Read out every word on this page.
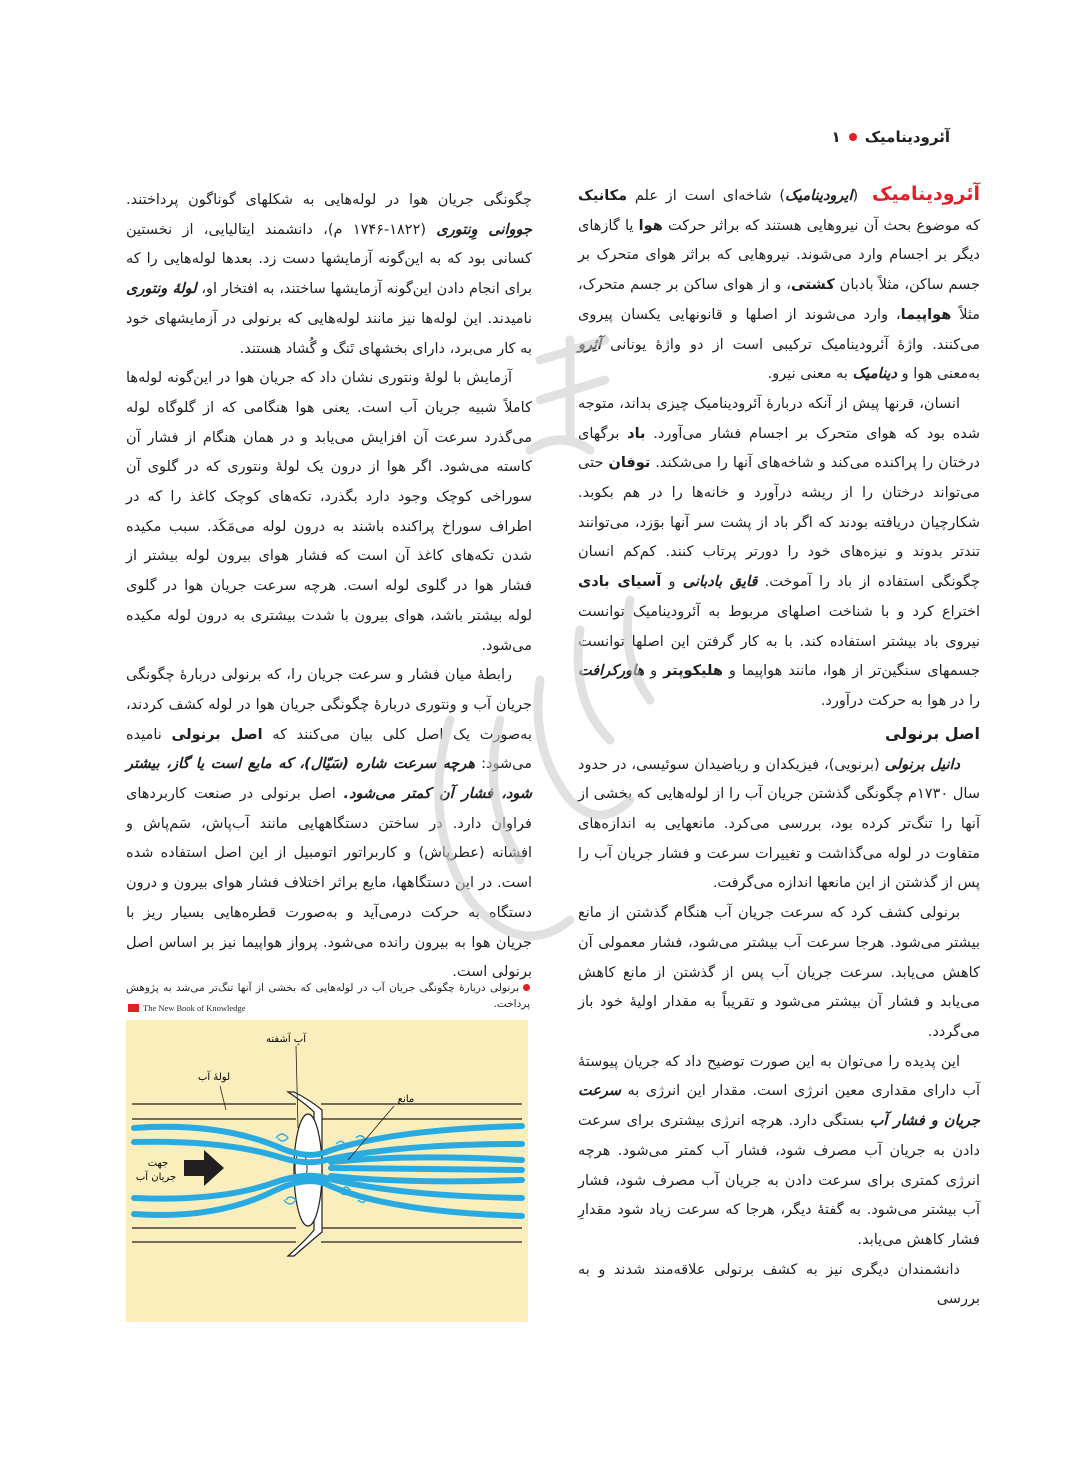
آئرودینامیک
۱

آئرودینامیک (ایرودینامیک) شاخه‌ای است از علم مکانیک که موضوع بحث آن نیروهایی هستند که براثر حرکت هوا یا گازهای دیگر بر اجسام وارد می‌شوند. نیروهایی که براثر هوای متحرک بر جسم ساکن، مثلاً بادبان کشتی، و از هوای ساکن بر جسم متحرک، مثلاً هواپیما، وارد می‌شوند از اصلها و قانونهایی یکسان پیروی می‌کنند. واژهٔ آئرودینامیک ترکیبی است از دو واژهٔ یونانی آئِرو به‌معنی هوا و دینامیک به معنی نیرو.

انسان، قرنها پیش از آنکه دربارهٔ آئرودینامیک چیزی بداند، متوجه شده بود که هوای متحرک بر اجسام فشار می‌آورد. باد برگهای درختان را پراکنده می‌کند و شاخه‌های آنها را می‌شکند. توفان حتی می‌تواند درختان را از ریشه درآورد و خانه‌ها را در هم بکوبد. شکارچیان دریافته بودند که اگر باد از پشت سر آنها بوَزد، می‌توانند تندتر بدوند و نیزه‌های خود را دورتر پرتاب کنند. کم‌کم انسان چگونگی استفاده از باد را آموخت. قایق بادبانی و آسیای بادی اختراع کرد و با شناخت اصلهای مربوط به آئرودینامیک توانست نیروی باد بیشتر استفاده کند. با به کار گرفتن این اصلها توانست جسمهای سنگین‌تر از هوا، مانند هواپیما و هلیکوپتر و هاورکرافت را در هوا به حرکت درآورد.

اصل برنولی

دانیل برنولی (برنویی)، فیزیکدان و ریاضیدان سوئیسی، در حدود سال ۱۷۳۰م چگونگی گذشتن جریان آب را از لوله‌هایی که بخشی از آنها را تنگ‌تر کرده بود، بررسی می‌کرد. مانعهایی به اندازه‌های متفاوت در لوله می‌گذاشت و تغییرات سرعت و فشار جریان آب را پس از گذشتن از این مانعها اندازه می‌گرفت.

برنولی کشف کرد که سرعت جریان آب هنگام گذشتن از مانع بیشتر می‌شود. هرجا سرعت آب بیشتر می‌شود، فشار معمولی آن کاهش می‌یابد. سرعت جریان آب پس از گذشتن از مانع کاهش می‌یابد و فشار آن بیشتر می‌شود و تقریباً به مقدار اولیهٔ خود باز می‌گردد.

این پدیده را می‌توان به این صورت توضیح داد که جریان پیوستهٔ آب دارای مقداری معین انرژی است. مقدار این انرژی به سرعت جریان و فشار آب بستگی دارد. هرچه انرژی بیشتری برای سرعت دادن به جریان آب مصرف شود، فشار آب کمتر می‌شود. هرچه انرژی کمتری برای سرعت دادن به جریان آب مصرف شود، فشار آب بیشتر می‌شود. به گفتهٔ دیگر، هرجا که سرعت زیاد شود مقدارِ فشار کاهش می‌یابد.

دانشمندان دیگری نیز به کشف برنولی علاقه‌مند شدند و به بررسی

چگونگی جریان هوا در لوله‌هایی به شکلهای گوناگون پرداختند. جووانی وِنتوری (۱۸۲۲-۱۷۴۶ م)، دانشمند ایتالیایی، از نخستین کسانی بود که به این‌گونه آزمایشها دست زد. بعدها لوله‌هایی را که برای انجام دادن این‌گونه آزمایشها ساختند، به افتخار او، لولهٔ ونتوری نامیدند. این لوله‌ها نیز مانند لوله‌هایی که برنولی در آزمایشهای خود به کار می‌برد، دارای بخشهای تَنگ و گُشاد هستند.

آزمایش با لولهٔ ونتوری نشان داد که جریان هوا در این‌گونه لوله‌ها کاملاً شبیه جریان آب است. یعنی هوا هنگامی که از گلوگاه لوله می‌گذرد سرعت آن افزایش می‌یابد و در همان هنگام از فشار آن کاسته می‌شود. اگر هوا از درون یک لولهٔ ونتوری که در گلوی آن سوراخی کوچک وجود دارد بگذرد، تکه‌های کوچک کاغذ را که در اطراف سوراخ پراکنده باشند به درون لوله می‌مَکَد. سبب مکیده شدن تکه‌های کاغذ آن است که فشار هوای بیرون لوله بیشتر از فشار هوا در گلوی لوله است. هرچه سرعت جریان هوا در گلوی لوله بیشتر باشد، هوای بیرون با شدت بیشتری به درون لوله مکیده می‌شود.

رابطهٔ میان فشار و سرعت جریان را، که برنولی دربارهٔ چگونگی جریان آب و ونتوری دربارهٔ چگونگی جریان هوا در لوله کشف کردند، به‌صورت یک اصل کلی بیان می‌کنند که اصل برنولی نامیده می‌شود: هرچه سرعت شاره (سَیّال)، که مایع است یا گاز، بیشتر شود، فشار آن کمتر می‌شود. اصل برنولی در صنعت کاربردهای فراوان دارد. در ساختن دستگاههایی مانند آب‌پاش، سَم‌پاش و افشانه (عطرپاش) و کاربراتور اتومبیل از این اصل استفاده شده است. در این دستگاهها، مایع براثر اختلاف فشار هوای بیرون و درون دستگاه به حرکت درمی‌آید و به‌صورت قطره‌هایی بسیار ریز با جریان هوا به بیرون رانده می‌شود. پرواز هواپیما نیز بر اساس اصل برنولی است.

برنولی دربارهٔ چگونگی جریان آب در لوله‌هایی که بخشی از آنها تنگ‌تر می‌شد به پژوهش پرداخت.
The New Book of Knowledge
آبِ آشفته
لولهٔ آب
مانع
جهت
جریان آب
